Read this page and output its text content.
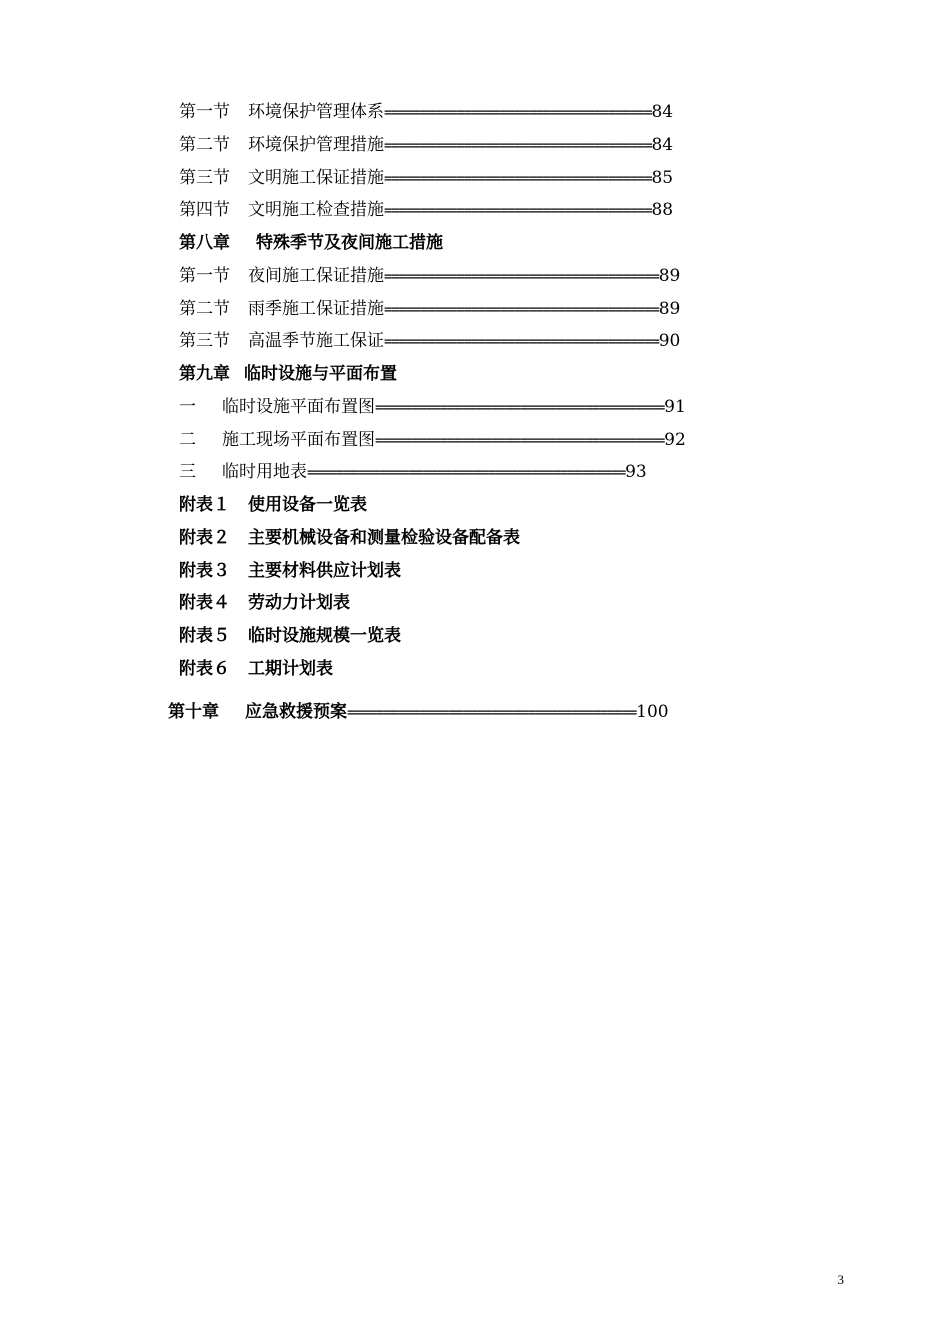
第一节 环境保护管理体系=====================================84
第二节 环境保护管理措施=====================================84
第三节 文明施工保证措施=====================================85
第四节 文明施工检查措施=====================================88
第八章 特殊季节及夜间施工措施
第一节 夜间施工保证措施======================================89
第二节 雨季施工保证措施======================================89
第三节 高温季节施工保证======================================90
第九章 临时设施与平面布置
一 临时设施平面布置图========================================91
二 施工现场平面布置图========================================92
三 临时用地表============================================93
附表１ 使用设备一览表
附表２ 主要机械设备和测量检验设备配备表
附表３ 主要材料供应计划表
附表４ 劳动力计划表
附表５ 临时设施规模一览表
附表６ 工期计划表
第十章 应急救援预案========================================100
3
